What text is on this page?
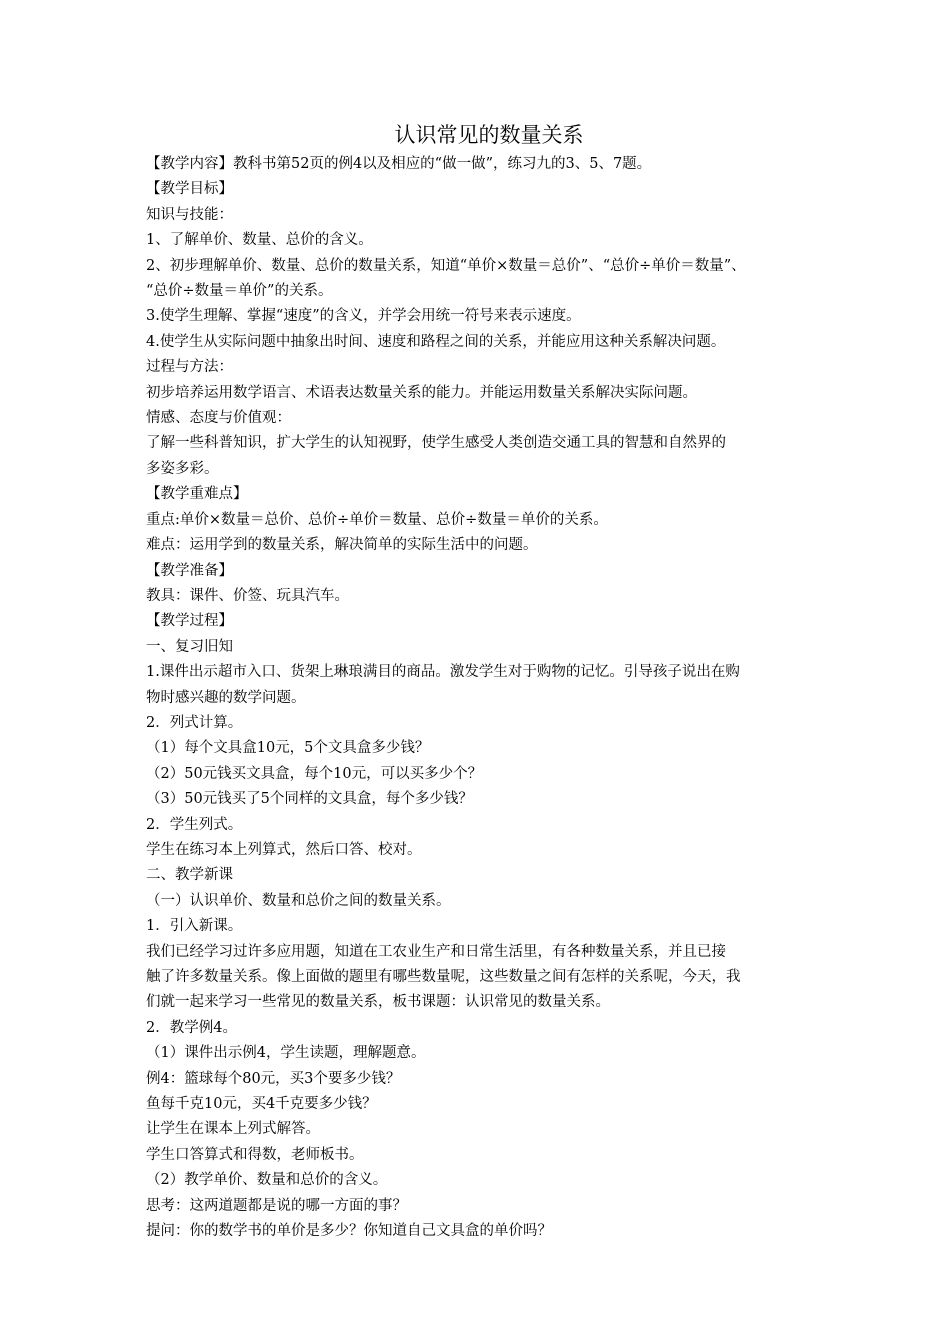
认识常见的数量关系

【教学内容】教科书第52页的例4以及相应的“做一做”，练习九的3、5、7题。

【教学目标】

知识与技能：

1、了解单价、数量、总价的含义。

2、初步理解单价、数量、总价的数量关系，知道“单价×数量＝总价”、“总价÷单价＝数量”、

“总价÷数量＝单价”的关系。

3.使学生理解、掌握“速度”的含义，并学会用统一符号来表示速度。

4.使学生从实际问题中抽象出时间、速度和路程之间的关系，并能应用这种关系解决问题。

过程与方法：

初步培养运用数学语言、术语表达数量关系的能力。并能运用数量关系解决实际问题。

情感、态度与价值观：

了解一些科普知识，扩大学生的认知视野，使学生感受人类创造交通工具的智慧和自然界的

多姿多彩。

【教学重难点】

重点:单价×数量＝总价、总价÷单价＝数量、总价÷数量＝单价的关系。

难点：运用学到的数量关系，解决简单的实际生活中的问题。

【教学准备】

教具：课件、价签、玩具汽车。

【教学过程】

一、复习旧知

1.课件出示超市入口、货架上琳琅满目的商品。激发学生对于购物的记忆。引导孩子说出在购

物时感兴趣的数学问题。

2．列式计算。

（1）每个文具盒10元，5个文具盒多少钱？

（2）50元钱买文具盒，每个10元，可以买多少个？

（3）50元钱买了5个同样的文具盒，每个多少钱？

2．学生列式。

学生在练习本上列算式，然后口答、校对。

二、教学新课

（一）认识单价、数量和总价之间的数量关系。

1．引入新课。

我们已经学习过许多应用题，知道在工农业生产和日常生活里，有各种数量关系，并且已接

触了许多数量关系。像上面做的题里有哪些数量呢，这些数量之间有怎样的关系呢，今天，我

们就一起来学习一些常见的数量关系，板书课题：认识常见的数量关系。

2．教学例4。

（1）课件出示例4，学生读题，理解题意。

例4：篮球每个80元，买3个要多少钱？

鱼每千克10元，买4千克要多少钱？

让学生在课本上列式解答。

学生口答算式和得数，老师板书。

（2）教学单价、数量和总价的含义。

思考：这两道题都是说的哪一方面的事？

提问：你的数学书的单价是多少？你知道自己文具盒的单价吗？
